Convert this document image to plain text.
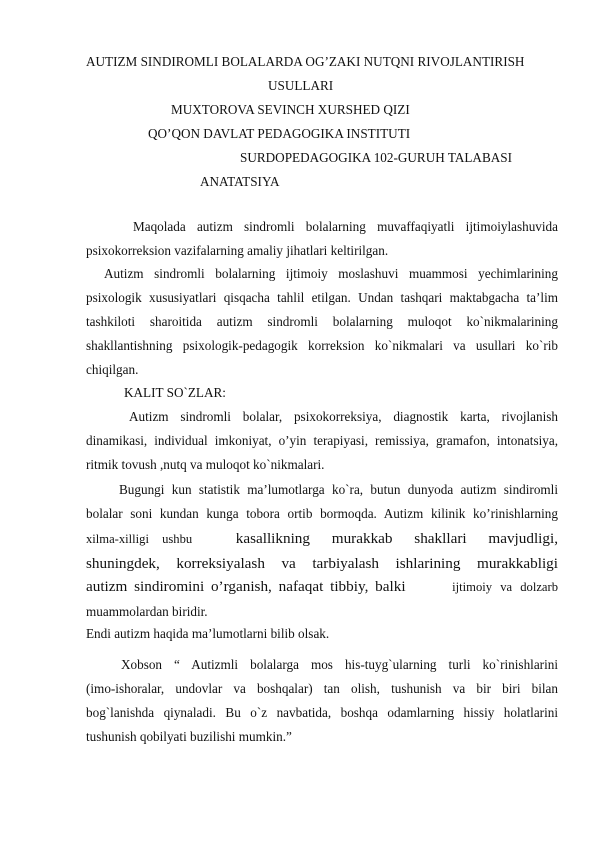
AUTIZM SINDIROMLI BOLALARDA OG’ZAKI NUTQNI RIVOJLANTIRISH
USULLARI
MUXTOROVA SEVINCH XURSHED QIZI
QO’QON DAVLAT PEDAGOGIKA INSTITUTI
SURDOPEDAGOGIKA 102-GURUH TALABASI
ANATATSIYA
Maqolada autizm sindromli bolalarning muvaffaqiyatli ijtimoiylashuvida
psixokorreksion vazifalarning amaliy jihatlari keltirilgan.
Autizm sindromli bolalarning ijtimoiy moslashuvi muammosi yechimlarining
psixologik xususiyatlari qisqacha tahlil etilgan. Undan tashqari maktabgacha ta’lim
tashkiloti sharoitida autizm sindromli bolalarning muloqot ko`nikmalarining
shakllantishning psixologik-pedagogik korreksion ko`nikmalari va usullari ko`rib
chiqilgan.
KALIT SO`ZLAR:
Autizm sindromli bolalar, psixokorreksiya, diagnostik karta, rivojlanish
dinamikasi, individual imkoniyat, o’yin terapiyasi, remissiya, gramafon, intonatsiya,
ritmik tovush ,nutq va muloqot ko`nikmalari.
Bugungi kun statistik ma’lumotlarga ko`ra, butun dunyoda autizm sindiromli
bolalar soni kundan kunga tobora ortib bormoqda. Autizm kilinik ko’rinishlarning
xilma-xilligi ushbu	kasallikning murakkab shakllari mavjudligi,
shuningdek, korreksiyalash va tarbiyalash ishlarining murakkabligi
autizm sindiromini o’rganish, nafaqat tibbiy, balki	ijtimoiy va dolzarb
muammolardan biridir.
Endi autizm haqida ma’lumotlarni bilib olsak.
Xobson “ Autizmli bolalarga mos his-tuyg`ularning turli ko`rinishlarini
(imo-ishoralar, undovlar va boshqalar) tan olish, tushunish va bir biri bilan
bog`lanishda qiynaladi. Bu o`z navbatida, boshqa odamlarning hissiy holatlarini
tushunish qobilyati buzilishi mumkin.”
